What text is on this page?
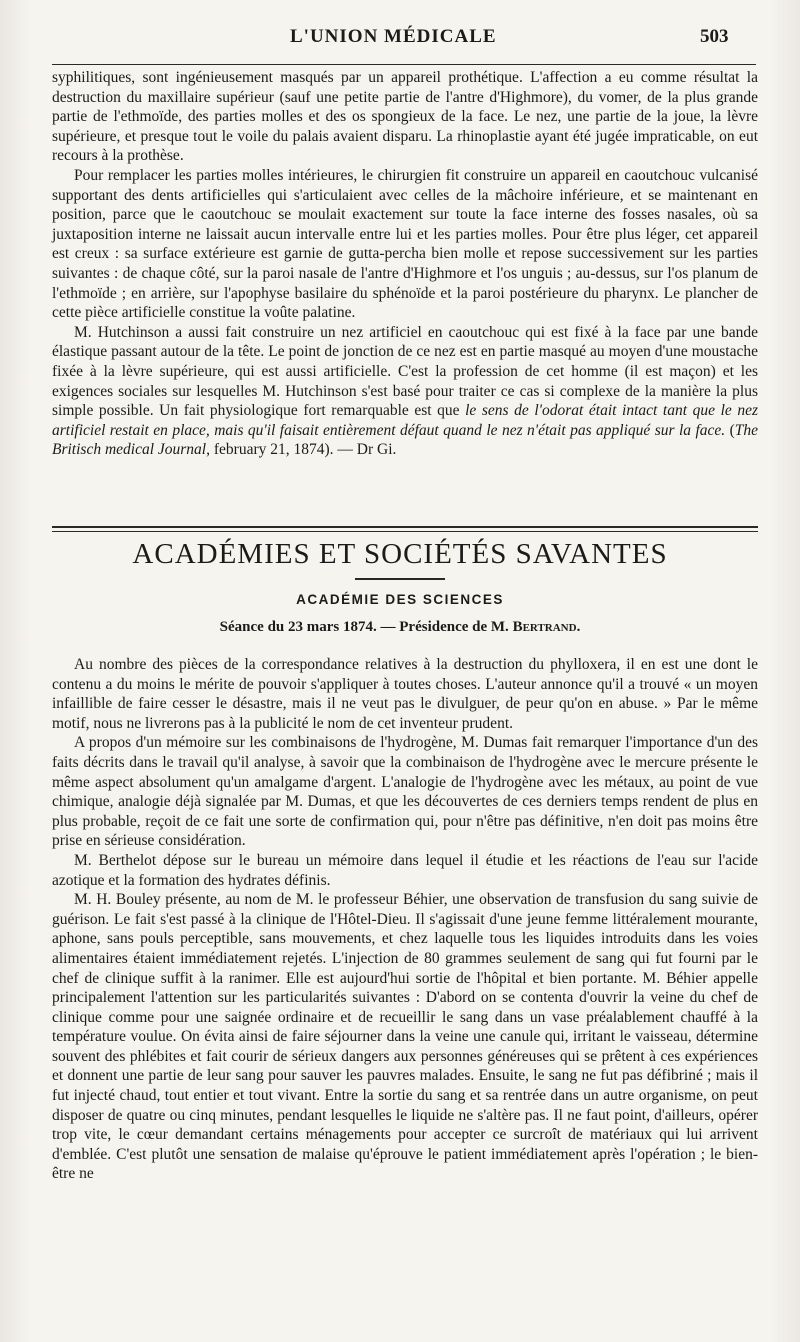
L'UNION MÉDICALE	503

syphilitiques, sont ingénieusement masqués par un appareil prothétique. L'affection a eu comme résultat la destruction du maxillaire supérieur (sauf une petite partie de l'antre d'Highmore), du vomer, de la plus grande partie de l'ethmoïde, des parties molles et des os spongieux de la face. Le nez, une partie de la joue, la lèvre supérieure, et presque tout le voile du palais avaient disparu. La rhinoplastie ayant été jugée impraticable, on eut recours à la prothèse.

Pour remplacer les parties molles intérieures, le chirurgien fit construire un appareil en caoutchouc vulcanisé supportant des dents artificielles qui s'articulaient avec celles de la mâchoire inférieure, et se maintenant en position, parce que le caoutchouc se moulait exactement sur toute la face interne des fosses nasales, où sa juxtaposition interne ne laissait aucun intervalle entre lui et les parties molles. Pour être plus léger, cet appareil est creux : sa surface extérieure est garnie de gutta-percha bien molle et repose successivement sur les parties suivantes : de chaque côté, sur la paroi nasale de l'antre d'Highmore et l'os unguis ; au-dessus, sur l'os planum de l'ethmoïde ; en arrière, sur l'apophyse basilaire du sphénoïde et la paroi postérieure du pharynx. Le plancher de cette pièce artificielle constitue la voûte palatine.

M. Hutchinson a aussi fait construire un nez artificiel en caoutchouc qui est fixé à la face par une bande élastique passant autour de la tête. Le point de jonction de ce nez est en partie masqué au moyen d'une moustache fixée à la lèvre supérieure, qui est aussi artificielle. C'est la profession de cet homme (il est maçon) et les exigences sociales sur lesquelles M. Hutchinson s'est basé pour traiter ce cas si complexe de la manière la plus simple possible. Un fait physiologique fort remarquable est que le sens de l'odorat était intact tant que le nez artificiel restait en place, mais qu'il faisait entièrement défaut quand le nez n'était pas appliqué sur la face. (The Britisch medical Journal, february 21, 1874). — Dr Gi.

ACADÉMIES ET SOCIÉTÉS SAVANTES
ACADÉMIE DES SCIENCES
Séance du 23 mars 1874. — Présidence de M. Bertrand.

Au nombre des pièces de la correspondance relatives à la destruction du phylloxera, il en est une dont le contenu a du moins le mérite de pouvoir s'appliquer à toutes choses. L'auteur annonce qu'il a trouvé « un moyen infaillible de faire cesser le désastre, mais il ne veut pas le divulguer, de peur qu'on en abuse. » Par le même motif, nous ne livrerons pas à la publicité le nom de cet inventeur prudent.

A propos d'un mémoire sur les combinaisons de l'hydrogène, M. Dumas fait remarquer l'importance d'un des faits décrits dans le travail qu'il analyse, à savoir que la combinaison de l'hydrogène avec le mercure présente le même aspect absolument qu'un amalgame d'argent. L'analogie de l'hydrogène avec les métaux, au point de vue chimique, analogie déjà signalée par M. Dumas, et que les découvertes de ces derniers temps rendent de plus en plus probable, reçoit de ce fait une sorte de confirmation qui, pour n'être pas définitive, n'en doit pas moins être prise en sérieuse considération.

M. Berthelot dépose sur le bureau un mémoire dans lequel il étudie et les réactions de l'eau sur l'acide azotique et la formation des hydrates définis.

M. H. Bouley présente, au nom de M. le professeur Béhier, une observation de transfusion du sang suivie de guérison. Le fait s'est passé à la clinique de l'Hôtel-Dieu. Il s'agissait d'une jeune femme littéralement mourante, aphone, sans pouls perceptible, sans mouvements, et chez laquelle tous les liquides introduits dans les voies alimentaires étaient immédiatement rejetés. L'injection de 80 grammes seulement de sang qui fut fourni par le chef de clinique suffit à la ranimer. Elle est aujourd'hui sortie de l'hôpital et bien portante. M. Béhier appelle principalement l'attention sur les particularités suivantes : D'abord on se contenta d'ouvrir la veine du chef de clinique comme pour une saignée ordinaire et de recueillir le sang dans un vase préalablement chauffé à la température voulue. On évita ainsi de faire séjourner dans la veine une canule qui, irritant le vaisseau, détermine souvent des phlébites et fait courir de sérieux dangers aux personnes généreuses qui se prêtent à ces expériences et donnent une partie de leur sang pour sauver les pauvres malades. Ensuite, le sang ne fut pas défibriné ; mais il fut injecté chaud, tout entier et tout vivant. Entre la sortie du sang et sa rentrée dans un autre organisme, on peut disposer de quatre ou cinq minutes, pendant lesquelles le liquide ne s'altère pas. Il ne faut point, d'ailleurs, opérer trop vite, le cœur demandant certains ménagements pour accepter ce surcroît de matériaux qui lui arrivent d'emblée. C'est plutôt une sensation de malaise qu'éprouve le patient immédiatement après l'opération ; le bien-être ne
